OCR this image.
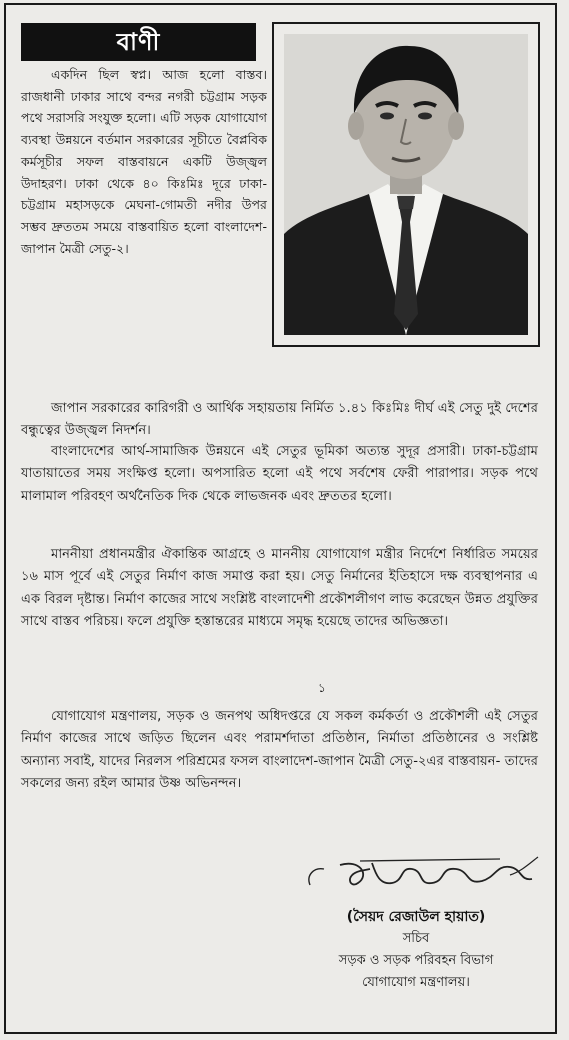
বাণী

একদিন ছিল স্বপ্ন। আজ হলো বাস্তব। রাজধানী ঢাকার সাথে বন্দর নগরী চট্টগ্রাম সড়ক পথে সরাসরি সংযুক্ত হলো। এটি সড়ক যোগাযোগ ব্যবস্থা উন্নয়নে বর্তমান সরকারের সূচীতে বৈপ্লবিক কর্মসূচীর সফল বাস্তবায়নে একটি উজ্জ্বল উদাহরণ। ঢাকা থেকে ৪০ কিঃমিঃ দূরে ঢাকা-চট্টগ্রাম মহাসড়কে মেঘনা-গোমতী নদীর উপর সম্ভব দ্রুততম সময়ে বাস্তবায়িত হলো বাংলাদেশ-জাপান মৈত্রী সেতু-২।

জাপান সরকারের কারিগরী ও আর্থিক সহায়তায় নির্মিত ১.৪১ কিঃমিঃ দীর্ঘ এই সেতু দুই দেশের বন্ধুত্বের উজ্জ্বল নিদর্শন।

বাংলাদেশের আর্থ-সামাজিক উন্নয়নে এই সেতুর ভূমিকা অত্যন্ত সুদূর প্রসারী। ঢাকা-চট্টগ্রাম যাতায়াতের সময় সংক্ষিপ্ত হলো। অপসারিত হলো এই পথে সর্বশেষ ফেরী পারাপার। সড়ক পথে মালামাল পরিবহণ অর্থনৈতিক দিক থেকে লাভজনক এবং দ্রুততর হলো।

মাননীয়া প্রধানমন্ত্রীর ঐকান্তিক আগ্রহে ও মাননীয় যোগাযোগ মন্ত্রীর নির্দেশে নির্ধারিত সময়ের ১৬ মাস পূর্বে এই সেতুর নির্মাণ কাজ সমাপ্ত করা হয়। সেতু নির্মানের ইতিহাসে দক্ষ ব্যবস্থাপনার এ এক বিরল দৃষ্টান্ত। নির্মাণ কাজের সাথে সংশ্লিষ্ট বাংলাদেশী প্রকৌশলীগণ লাভ করেছেন উন্নত প্রযুক্তির সাথে বাস্তব পরিচয়। ফলে প্রযুক্তি হস্তান্তরের মাধ্যমে সমৃদ্ধ হয়েছে তাদের অভিজ্ঞতা।

১

যোগাযোগ মন্ত্রণালয়, সড়ক ও জনপথ অধিদপ্তরে যে সকল কর্মকর্তা ও প্রকৌশলী এই সেতুর নির্মাণ কাজের সাথে জড়িত ছিলেন এবং পরামর্শদাতা প্রতিষ্ঠান, নির্মাতা প্রতিষ্ঠানের ও সংশ্লিষ্ট অন্যান্য সবাই, যাদের নিরলস পরিশ্রমের ফসল বাংলাদেশ-জাপান মৈত্রী সেতু-২এর বাস্তবায়ন- তাদের সকলের জন্য রইল আমার উষ্ণ অভিনন্দন।

(সৈয়দ রেজাউল হায়াত)

সচিব

সড়ক ও সড়ক পরিবহন বিভাগ

যোগাযোগ মন্ত্রণালয়।
